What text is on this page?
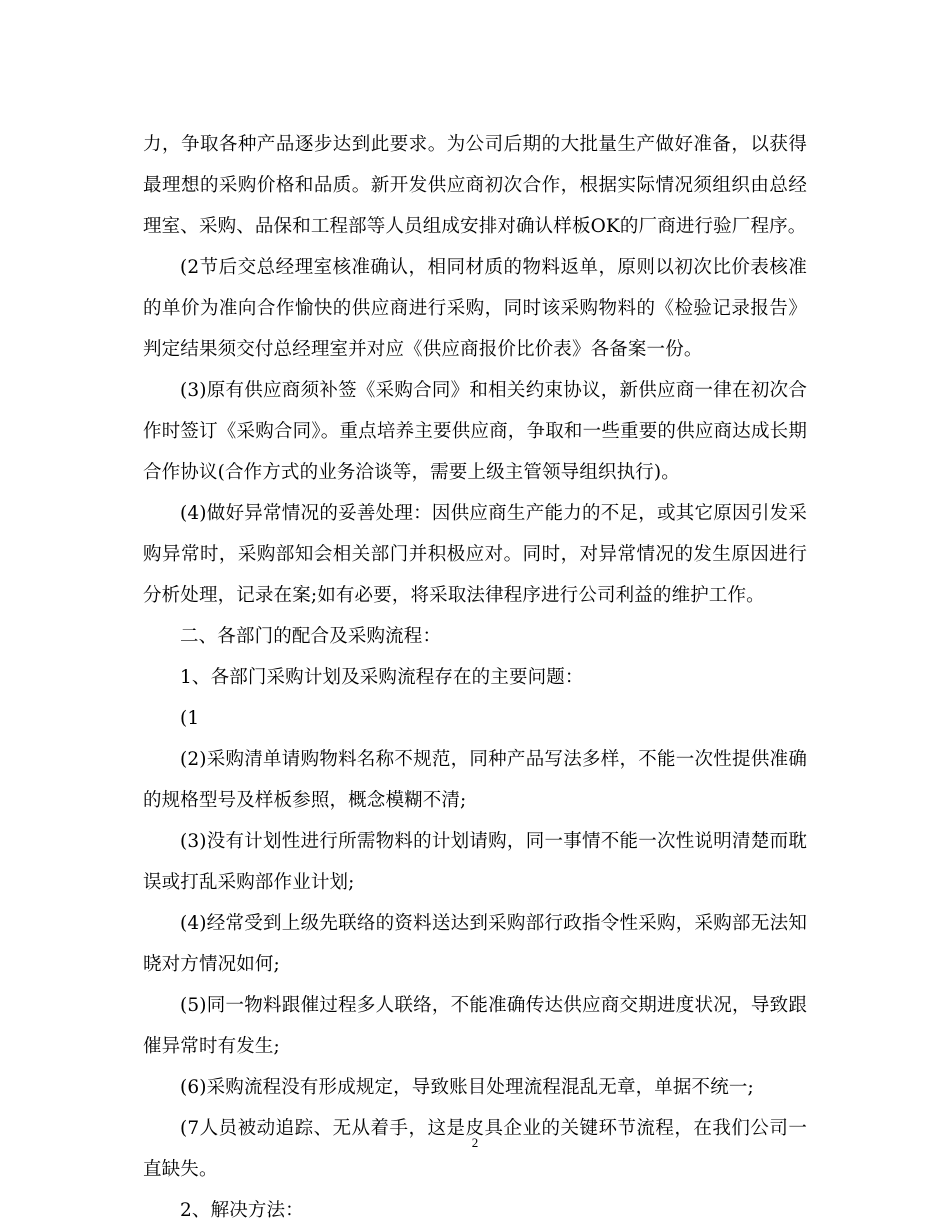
力，争取各种产品逐步达到此要求。为公司后期的大批量生产做好准备，以获得最理想的采购价格和品质。新开发供应商初次合作，根据实际情况须组织由总经理室、采购、品保和工程部等人员组成安排对确认样板OK的厂商进行验厂程序。

(2节后交总经理室核准确认，相同材质的物料返单，原则以初次比价表核准的单价为准向合作愉快的供应商进行采购，同时该采购物料的《检验记录报告》判定结果须交付总经理室并对应《供应商报价比价表》各备案一份。

(3)原有供应商须补签《采购合同》和相关约束协议，新供应商一律在初次合作时签订《采购合同》。重点培养主要供应商，争取和一些重要的供应商达成长期合作协议(合作方式的业务洽谈等，需要上级主管领导组织执行)。

(4)做好异常情况的妥善处理：因供应商生产能力的不足，或其它原因引发采购异常时，采购部知会相关部门并积极应对。同时，对异常情况的发生原因进行分析处理，记录在案;如有必要，将采取法律程序进行公司利益的维护工作。

二、各部门的配合及采购流程：

1、各部门采购计划及采购流程存在的主要问题：

(1

(2)采购清单请购物料名称不规范，同种产品写法多样，不能一次性提供准确的规格型号及样板参照，概念模糊不清;

(3)没有计划性进行所需物料的计划请购，同一事情不能一次性说明清楚而耽误或打乱采购部作业计划;

(4)经常受到上级先联络的资料送达到采购部行政指令性采购，采购部无法知晓对方情况如何;

(5)同一物料跟催过程多人联络，不能准确传达供应商交期进度状况，导致跟催异常时有发生;

(6)采购流程没有形成规定，导致账目处理流程混乱无章，单据不统一;

(7人员被动追踪、无从着手，这是皮具企业的关键环节流程，在我们公司一直缺失。

2、解决方法：

2
